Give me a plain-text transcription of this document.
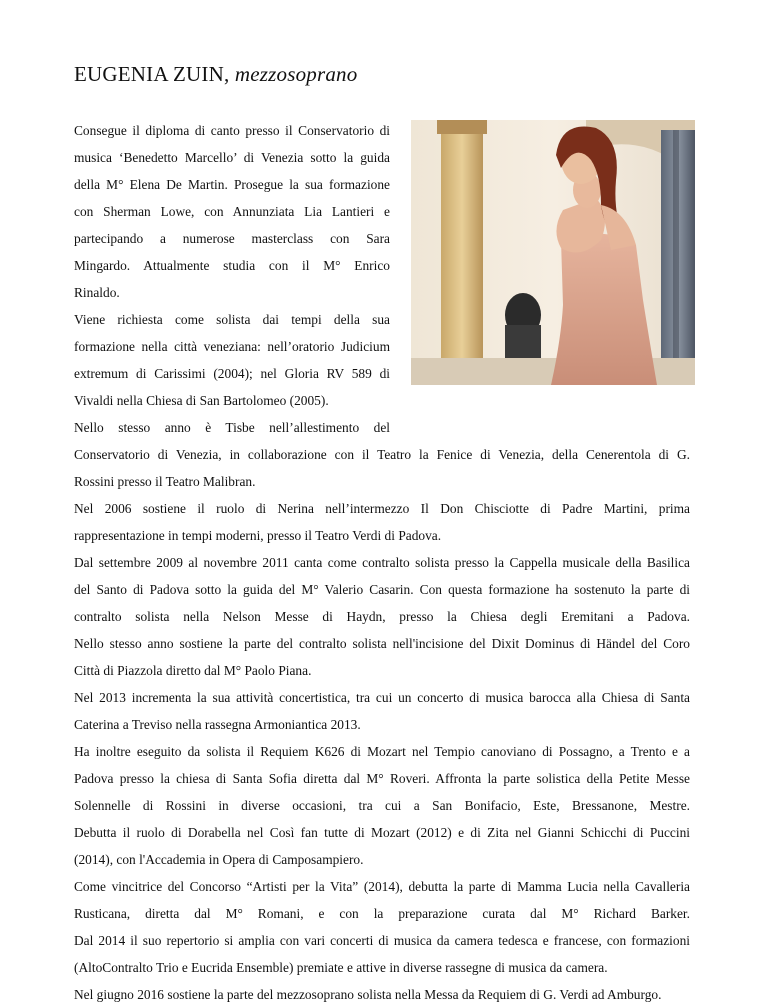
EUGENIA ZUIN, mezzosoprano
Consegue il diploma di canto presso il Conservatorio di
musica ‘Benedetto Marcello’ di Venezia sotto la guida
della M° Elena De Martin. Prosegue la sua formazione
con Sherman Lowe, con Annunziata Lia Lantieri e
partecipando a numerose masterclass con Sara
Mingardo. Attualmente studia con il M° Enrico
Rinaldo.
Viene richiesta come solista dai tempi della sua
formazione nella città veneziana: nell’oratorio Judicium
extremum di Carissimi (2004); nel Gloria RV 589 di
Vivaldi nella Chiesa di San Bartolomeo (2005).
Nello stesso anno è Tisbe nell’allestimento del
Conservatorio di Venezia, in collaborazione con il Teatro la Fenice di Venezia, della Cenerentola di G.
Rossini presso il Teatro Malibran.
Nel 2006 sostiene il ruolo di Nerina nell’intermezzo Il Don Chisciotte di Padre Martini, prima
rappresentazione in tempi moderni, presso il Teatro Verdi di Padova.
Dal settembre 2009 al novembre 2011 canta come contralto solista presso la Cappella musicale della Basilica
del Santo di Padova sotto la guida del M° Valerio Casarin. Con questa formazione ha sostenuto la parte di
contralto solista nella Nelson Messe di Haydn, presso la Chiesa degli Eremitani a Padova.
Nello stesso anno sostiene la parte del contralto solista nell'incisione del Dixit Dominus di Händel del Coro
Città di Piazzola diretto dal M° Paolo Piana.
Nel 2013 incrementa la sua attività concertistica, tra cui un concerto di musica barocca alla Chiesa di Santa
Caterina a Treviso nella rassegna Armoniantica 2013.
Ha inoltre eseguito da solista il Requiem K626 di Mozart nel Tempio canoviano di Possagno, a Trento e a
Padova presso la chiesa di Santa Sofia diretta dal M° Roveri. Affronta la parte solistica della Petite Messe
Solennelle di Rossini in diverse occasioni, tra cui a San Bonifacio, Este, Bressanone, Mestre.
Debutta il ruolo di Dorabella nel Così fan tutte di Mozart (2012) e di Zita nel Gianni Schicchi di Puccini
(2014), con l'Accademia in Opera di Camposampiero.
Come vincitrice del Concorso “Artisti per la Vita” (2014), debutta la parte di Mamma Lucia nella Cavalleria
Rusticana, diretta dal M° Romani, e con la preparazione curata dal M° Richard Barker.
Dal 2014 il suo repertorio si amplia con vari concerti di musica da camera tedesca e francese, con formazioni
(AltoContralto Trio e Eucrida Ensemble) premiate e attive in diverse rassegne di musica da camera.
Nel giugno 2016 sostiene la parte del mezzosoprano solista nella Messa da Requiem di G. Verdi ad Amburgo.
